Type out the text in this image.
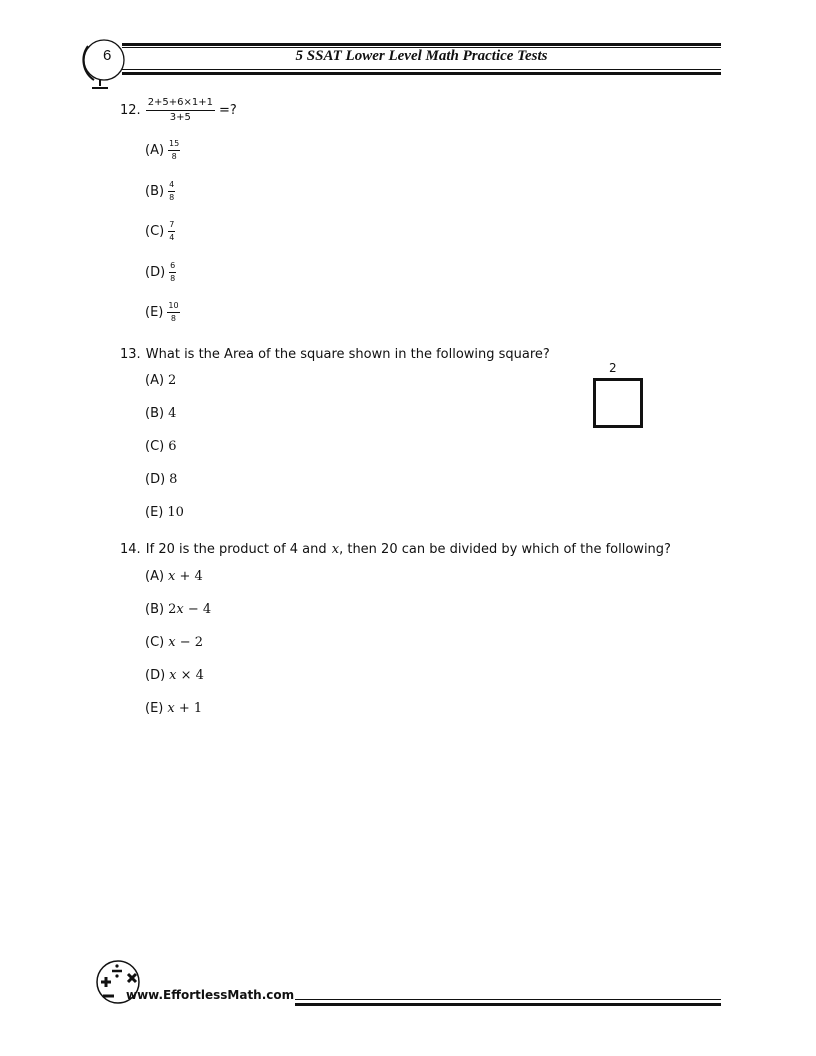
6	5 SSAT Lower Level Math Practice Tests
12. $\frac{2+5+6\times 1+1}{3+5}$ =?
$(A) \frac{15}{8}$
$(B) \frac{4}{8}$
$(C) \frac{7}{4}$
$(D) \frac{6}{8}$
$(E) \frac{10}{8}$
13. What is the Area of the square shown in the following square?
2
(A) 2
(B) 4
(C) 6
(D) 8
(E) 10
14. If 20 is the product of 4 and x, then 20 can be divided by which of the following?
(A) x + 4
(B) 2 x − 4
(C) x − 2
(D) x × 4
(E) x + 1
www.EffortlessMath.com
